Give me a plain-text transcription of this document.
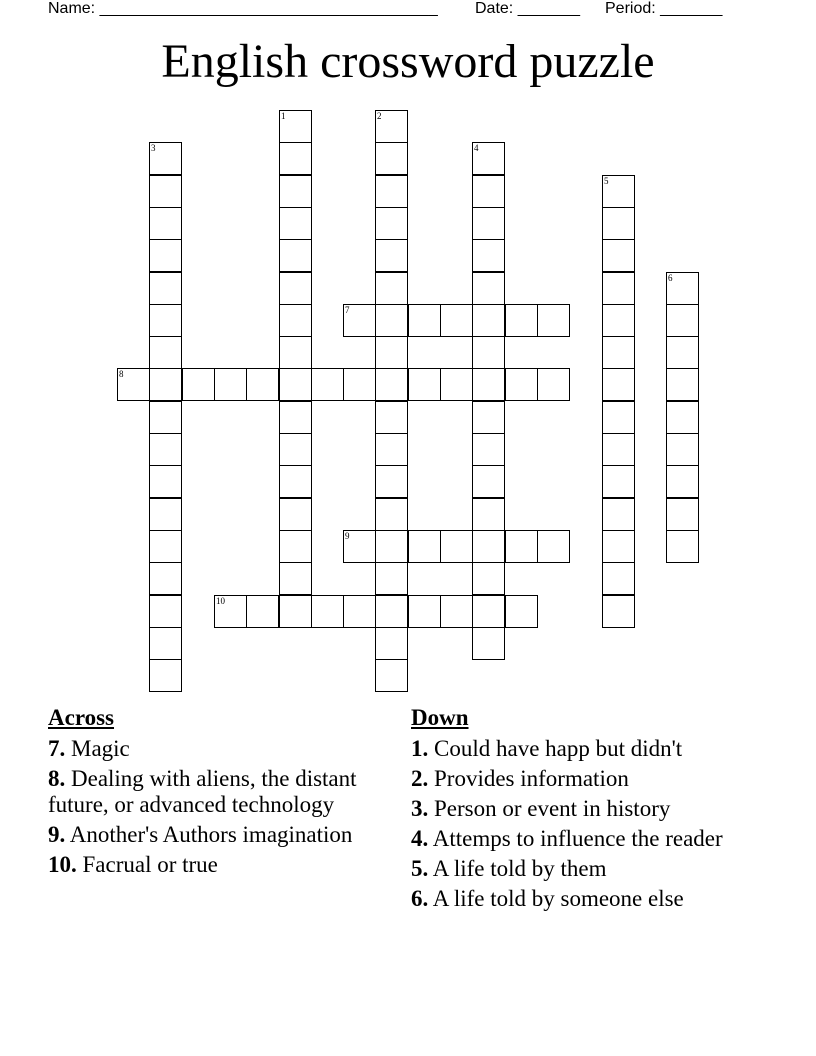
Name: ______________________________________ Date: _______ Period: _______
English crossword puzzle
1	2
3	4
5
6
7
8
9
10
Across
7. Magic
8. Dealing with aliens, the distant future, or advanced technology
9. Another's Authors imagination
10. Facrual or true
Down
1. Could have happ but didn't
2. Provides information
3. Person or event in history
4. Attemps to influence the reader
5. A life told by them
6. A life told by someone else
